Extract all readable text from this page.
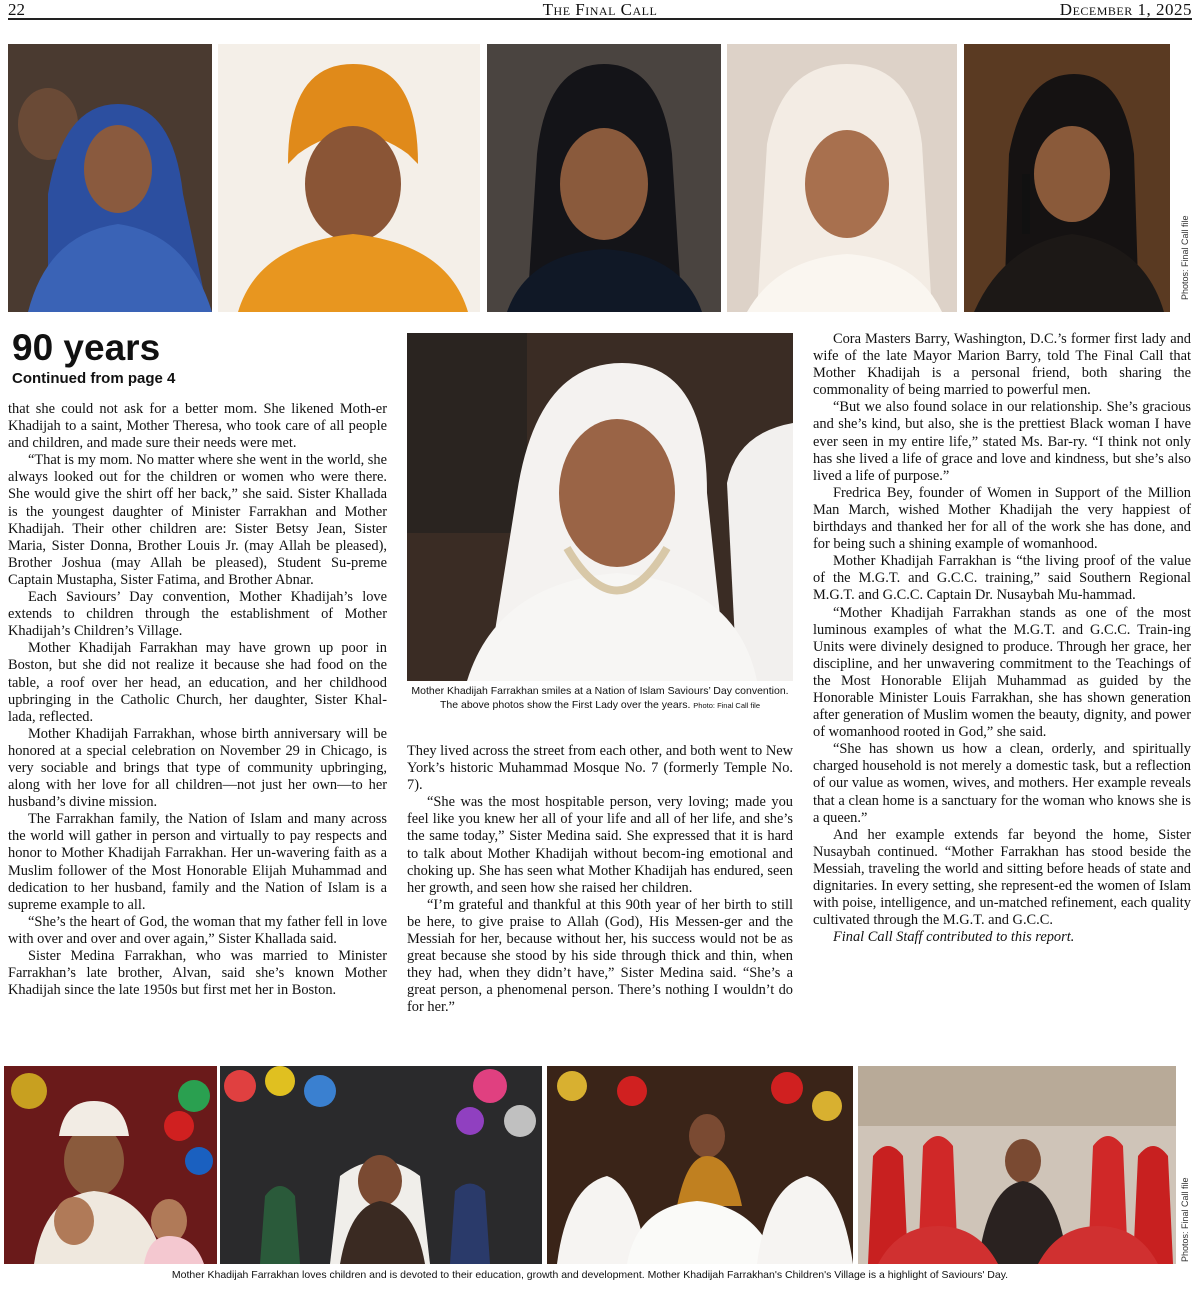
22	The Final Call	December 1, 2025
Photos: Final Call file
90 years
Continued from page 4

that she could not ask for a better mom. She likened Moth-er Khadijah to a saint, Mother Theresa, who took care of all people and children, and made sure their needs were met.

“That is my mom. No matter where she went in the world, she always looked out for the children or women who were there. She would give the shirt off her back,” she said. Sister Khallada is the youngest daughter of Minister Farrakhan and Mother Khadijah. Their other children are: Sister Betsy Jean, Sister Maria, Sister Donna, Brother Louis Jr. (may Allah be pleased), Brother Joshua (may Allah be pleased), Student Su-preme Captain Mustapha, Sister Fatima, and Brother Abnar.

Each Saviours’ Day convention, Mother Khadijah’s love extends to children through the establishment of Mother Khadijah’s Children’s Village.

Mother Khadijah Farrakhan may have grown up poor in Boston, but she did not realize it because she had food on the table, a roof over her head, an education, and her childhood upbringing in the Catholic Church, her daughter, Sister Khal-lada, reflected.

Mother Khadijah Farrakhan, whose birth anniversary will be honored at a special celebration on November 29 in Chicago, is very sociable and brings that type of community upbringing, along with her love for all children—not just her own—to her husband’s divine mission.

The Farrakhan family, the Nation of Islam and many across the world will gather in person and virtually to pay respects and honor to Mother Khadijah Farrakhan. Her un-wavering faith as a Muslim follower of the Most Honorable Elijah Muhammad and dedication to her husband, family and the Nation of Islam is a supreme example to all.

“She’s the heart of God, the woman that my father fell in love with over and over and over again,” Sister Khallada said.

Sister Medina Farrakhan, who was married to Minister Farrakhan’s late brother, Alvan, said she’s known Mother Khadijah since the late 1950s but first met her in Boston.

Mother Khadijah Farrakhan smiles at a Nation of Islam Saviours’ Day convention. The above photos show the First Lady over the years. Photo: Final Call file

They lived across the street from each other, and both went to New York’s historic Muhammad Mosque No. 7 (formerly Temple No. 7).

“She was the most hospitable person, very loving; made you feel like you knew her all of your life and all of her life, and she’s the same today,” Sister Medina said. She expressed that it is hard to talk about Mother Khadijah without becom-ing emotional and choking up. She has seen what Mother Khadijah has endured, seen her growth, and seen how she raised her children.

“I’m grateful and thankful at this 90th year of her birth to still be here, to give praise to Allah (God), His Messen-ger and the Messiah for her, because without her, his success would not be as great because she stood by his side through thick and thin, when they had, when they didn’t have,” Sister Medina said. “She’s a great person, a phenomenal person. There’s nothing I wouldn’t do for her.”

Cora Masters Barry, Washington, D.C.’s former first lady and wife of the late Mayor Marion Barry, told The Final Call that Mother Khadijah is a personal friend, both sharing the commonality of being married to powerful men.

“But we also found solace in our relationship. She’s gracious and she’s kind, but also, she is the prettiest Black woman I have ever seen in my entire life,” stated Ms. Bar-ry. “I think not only has she lived a life of grace and love and kindness, but she’s also lived a life of purpose.”

Fredrica Bey, founder of Women in Support of the Million Man March, wished Mother Khadijah the very happiest of birthdays and thanked her for all of the work she has done, and for being such a shining example of womanhood.

Mother Khadijah Farrakhan is “the living proof of the value of the M.G.T. and G.C.C. training,” said Southern Regional M.G.T. and G.C.C. Captain Dr. Nusaybah Mu-hammad.

“Mother Khadijah Farrakhan stands as one of the most luminous examples of what the M.G.T. and G.C.C. Train-ing Units were divinely designed to produce. Through her grace, her discipline, and her unwavering commitment to the Teachings of the Most Honorable Elijah Muhammad as guided by the Honorable Minister Louis Farrakhan, she has shown generation after generation of Muslim women the beauty, dignity, and power of womanhood rooted in God,” she said.

“She has shown us how a clean, orderly, and spiritually charged household is not merely a domestic task, but a reflection of our value as women, wives, and mothers. Her example reveals that a clean home is a sanctuary for the woman who knows she is a queen.”

And her example extends far beyond the home, Sister Nusaybah continued. “Mother Farrakhan has stood beside the Messiah, traveling the world and sitting before heads of state and dignitaries. In every setting, she represent-ed the women of Islam with poise, intelligence, and un-matched refinement, each quality cultivated through the M.G.T. and G.C.C.

Final Call Staff contributed to this report.

Photos: Final Call file
Mother Khadijah Farrakhan loves children and is devoted to their education, growth and development. Mother Khadijah Farrakhan's Children's Village is a highlight of Saviours' Day.
